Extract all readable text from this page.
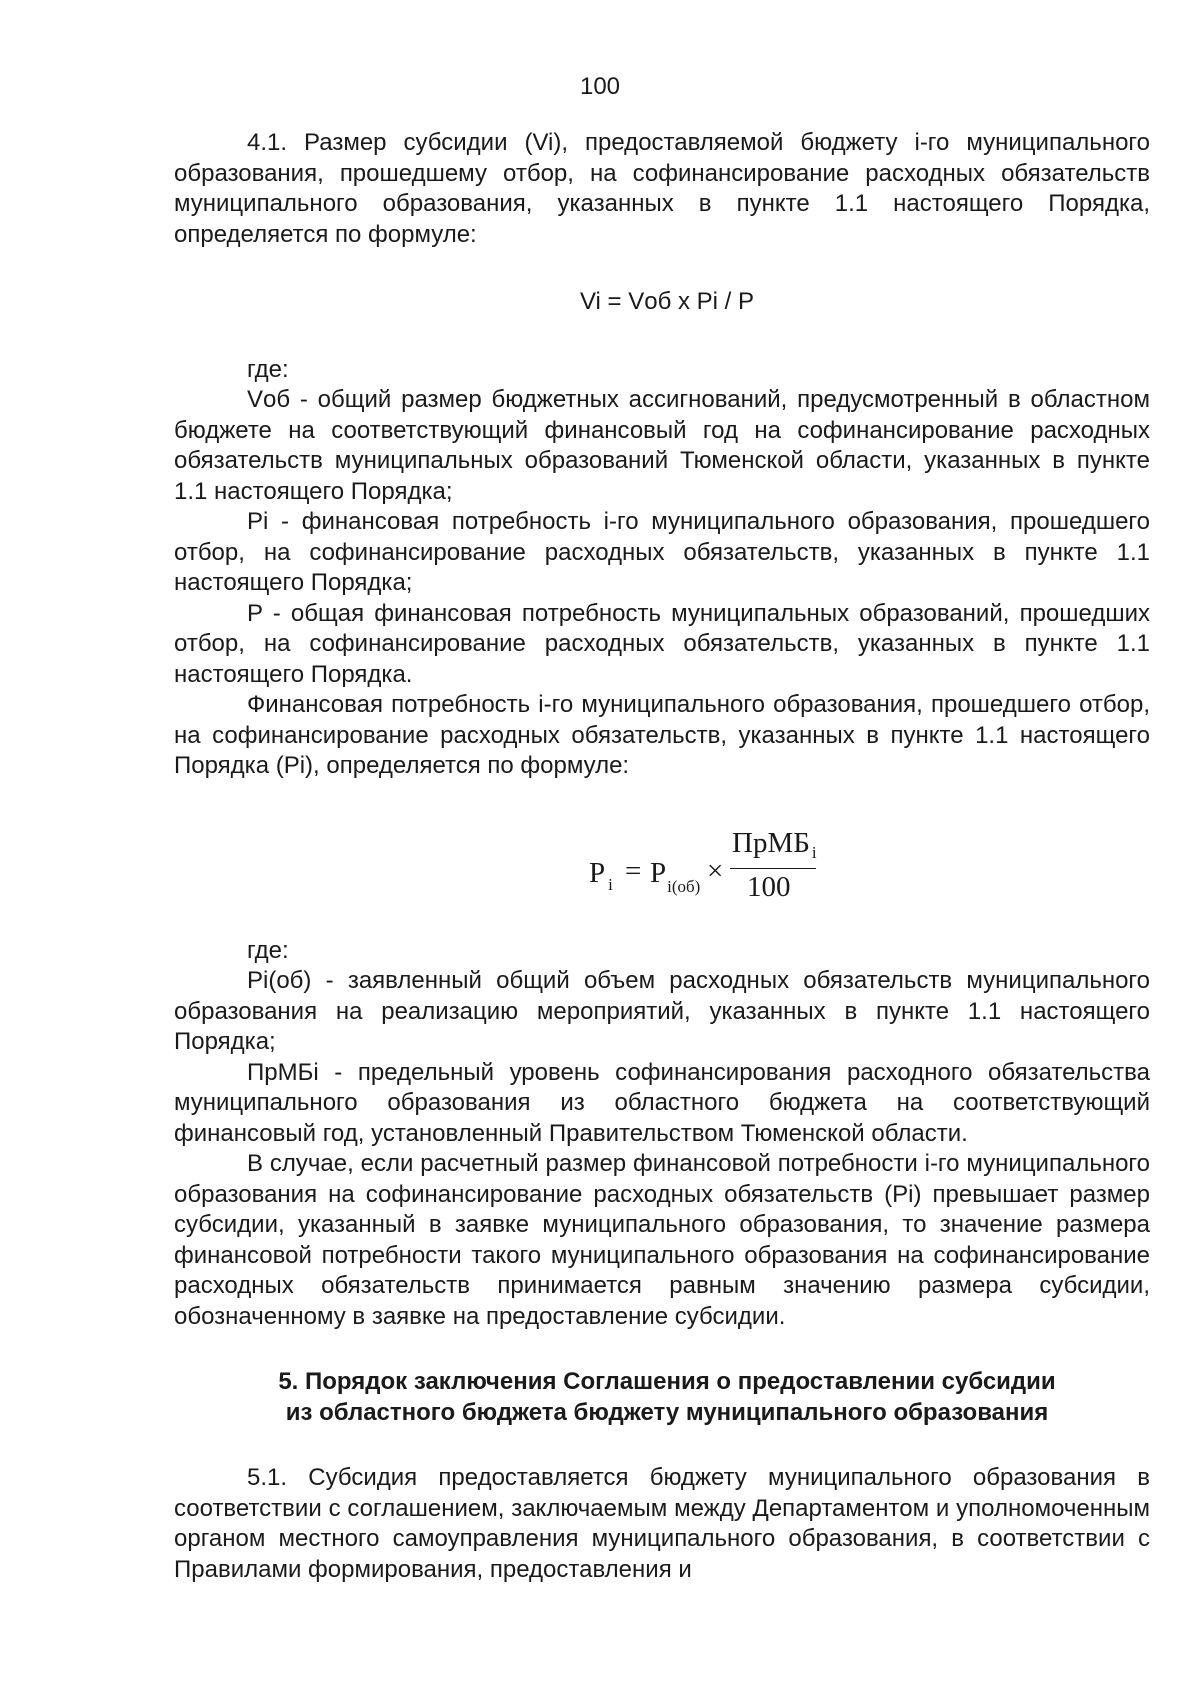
100

4.1. Размер субсидии (Vi), предоставляемой бюджету i-го муниципального образования, прошедшему отбор, на софинансирование расходных обязательств муниципального образования, указанных в пункте 1.1 настоящего Порядка, определяется по формуле:

Vi = Vоб x Pi / P

где:

Vоб - общий размер бюджетных ассигнований, предусмотренный в областном бюджете на соответствующий финансовый год на софинансирование расходных обязательств муниципальных образований Тюменской области, указанных в пункте 1.1 настоящего Порядка;

Pi - финансовая потребность i-го муниципального образования, прошедшего отбор, на софинансирование расходных обязательств, указанных в пункте 1.1 настоящего Порядка;

P - общая финансовая потребность муниципальных образований, прошедших отбор, на софинансирование расходных обязательств, указанных в пункте 1.1 настоящего Порядка.

Финансовая потребность i-го муниципального образования, прошедшего отбор, на софинансирование расходных обязательств, указанных в пункте 1.1 настоящего Порядка (Pi), определяется по формуле:

P $_i = P_{i(об)}$ ×
ПрМБ $_i$
100

где:

Pi(об) - заявленный общий объем расходных обязательств муниципального образования на реализацию мероприятий, указанных в пункте 1.1 настоящего Порядка;

ПрМБi - предельный уровень софинансирования расходного обязательства муниципального образования из областного бюджета на соответствующий финансовый год, установленный Правительством Тюменской области.

В случае, если расчетный размер финансовой потребности i-го муниципального образования на софинансирование расходных обязательств (Pi) превышает размер субсидии, указанный в заявке муниципального образования, то значение размера финансовой потребности такого муниципального образования на софинансирование расходных обязательств принимается равным значению размера субсидии, обозначенному в заявке на предоставление субсидии.

5. Порядок заключения Соглашения о предоставлении субсидии
из областного бюджета бюджету муниципального образования

5.1. Субсидия предоставляется бюджету муниципального образования в соответствии с соглашением, заключаемым между Департаментом и уполномоченным органом местного самоуправления муниципального образования, в соответствии с Правилами формирования, предоставления и
